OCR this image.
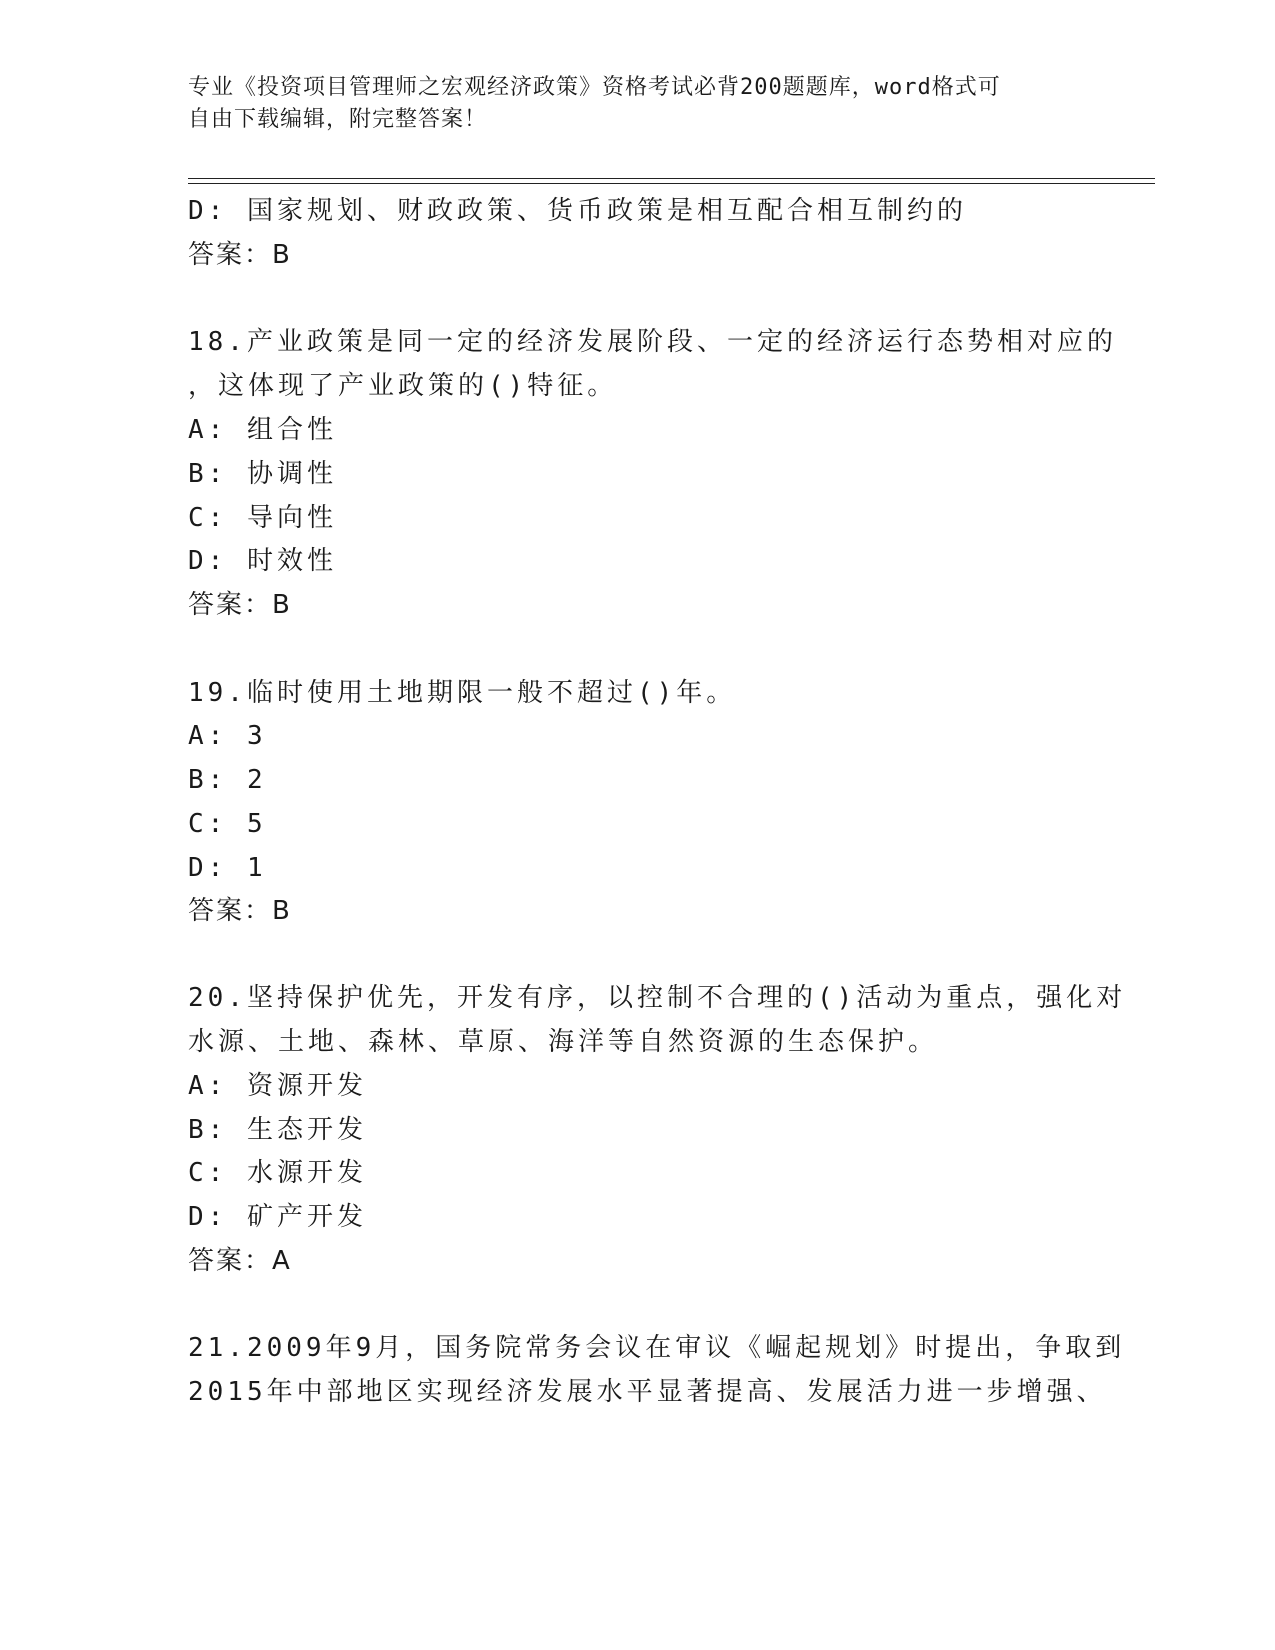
专业《投资项目管理师之宏观经济政策》资格考试必背200题题库，word格式可
自由下载编辑，附完整答案！
D: 国家规划、财政政策、货币政策是相互配合相互制约的
答案：B
18.产业政策是同一定的经济发展阶段、一定的经济运行态势相对应的
，这体现了产业政策的()特征。
A: 组合性
B: 协调性
C: 导向性
D: 时效性
答案：B
19.临时使用土地期限一般不超过()年。
A: 3
B: 2
C: 5
D: 1
答案：B
20.坚持保护优先，开发有序，以控制不合理的()活动为重点，强化对
水源、土地、森林、草原、海洋等自然资源的生态保护。
A: 资源开发
B: 生态开发
C: 水源开发
D: 矿产开发
答案：A
21.2009年9月，国务院常务会议在审议《崛起规划》时提出，争取到
2015年中部地区实现经济发展水平显著提高、发展活力进一步增强、
